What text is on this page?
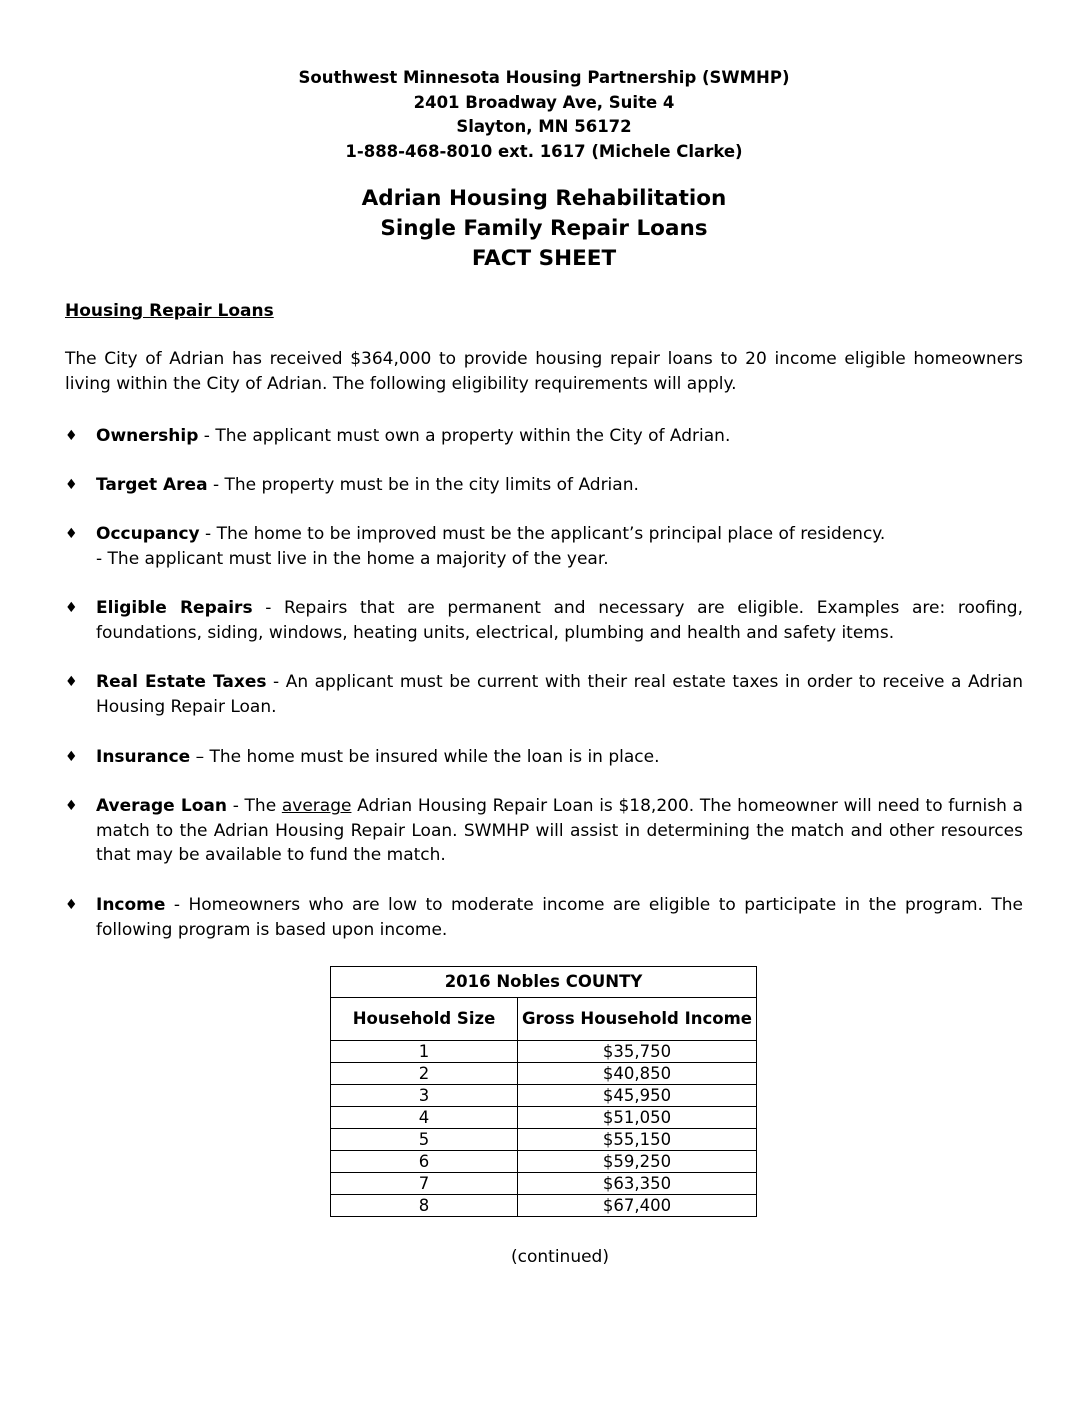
Southwest Minnesota Housing Partnership (SWMHP)
2401 Broadway Ave, Suite 4
Slayton, MN 56172
1-888-468-8010 ext. 1617 (Michele Clarke)
Adrian Housing Rehabilitation
Single Family Repair Loans
FACT SHEET
Housing Repair Loans
The City of Adrian has received $364,000 to provide housing repair loans to 20 income eligible homeowners living within the City of Adrian. The following eligibility requirements will apply.
♦ Ownership - The applicant must own a property within the City of Adrian.
♦ Target Area - The property must be in the city limits of Adrian.
♦ Occupancy - The home to be improved must be the applicant’s principal place of residency.
- The applicant must live in the home a majority of the year.
♦ Eligible Repairs - Repairs that are permanent and necessary are eligible. Examples are: roofing, foundations, siding, windows, heating units, electrical, plumbing and health and safety items.
♦ Real Estate Taxes - An applicant must be current with their real estate taxes in order to receive a Adrian Housing Repair Loan.
♦ Insurance – The home must be insured while the loan is in place.
♦ Average Loan - The average Adrian Housing Repair Loan is $18,200. The homeowner will need to furnish a match to the Adrian Housing Repair Loan. SWMHP will assist in determining the match and other resources that may be available to fund the match.
♦ Income - Homeowners who are low to moderate income are eligible to participate in the program. The following program is based upon income.
2016 Nobles COUNTY	
Household Size	Gross Household Income
1	$35,750
2	$40,850
3	$45,950
4	$51,050
5	$55,150
6	$59,250
7	$63,350
8	$67,400
(continued)
